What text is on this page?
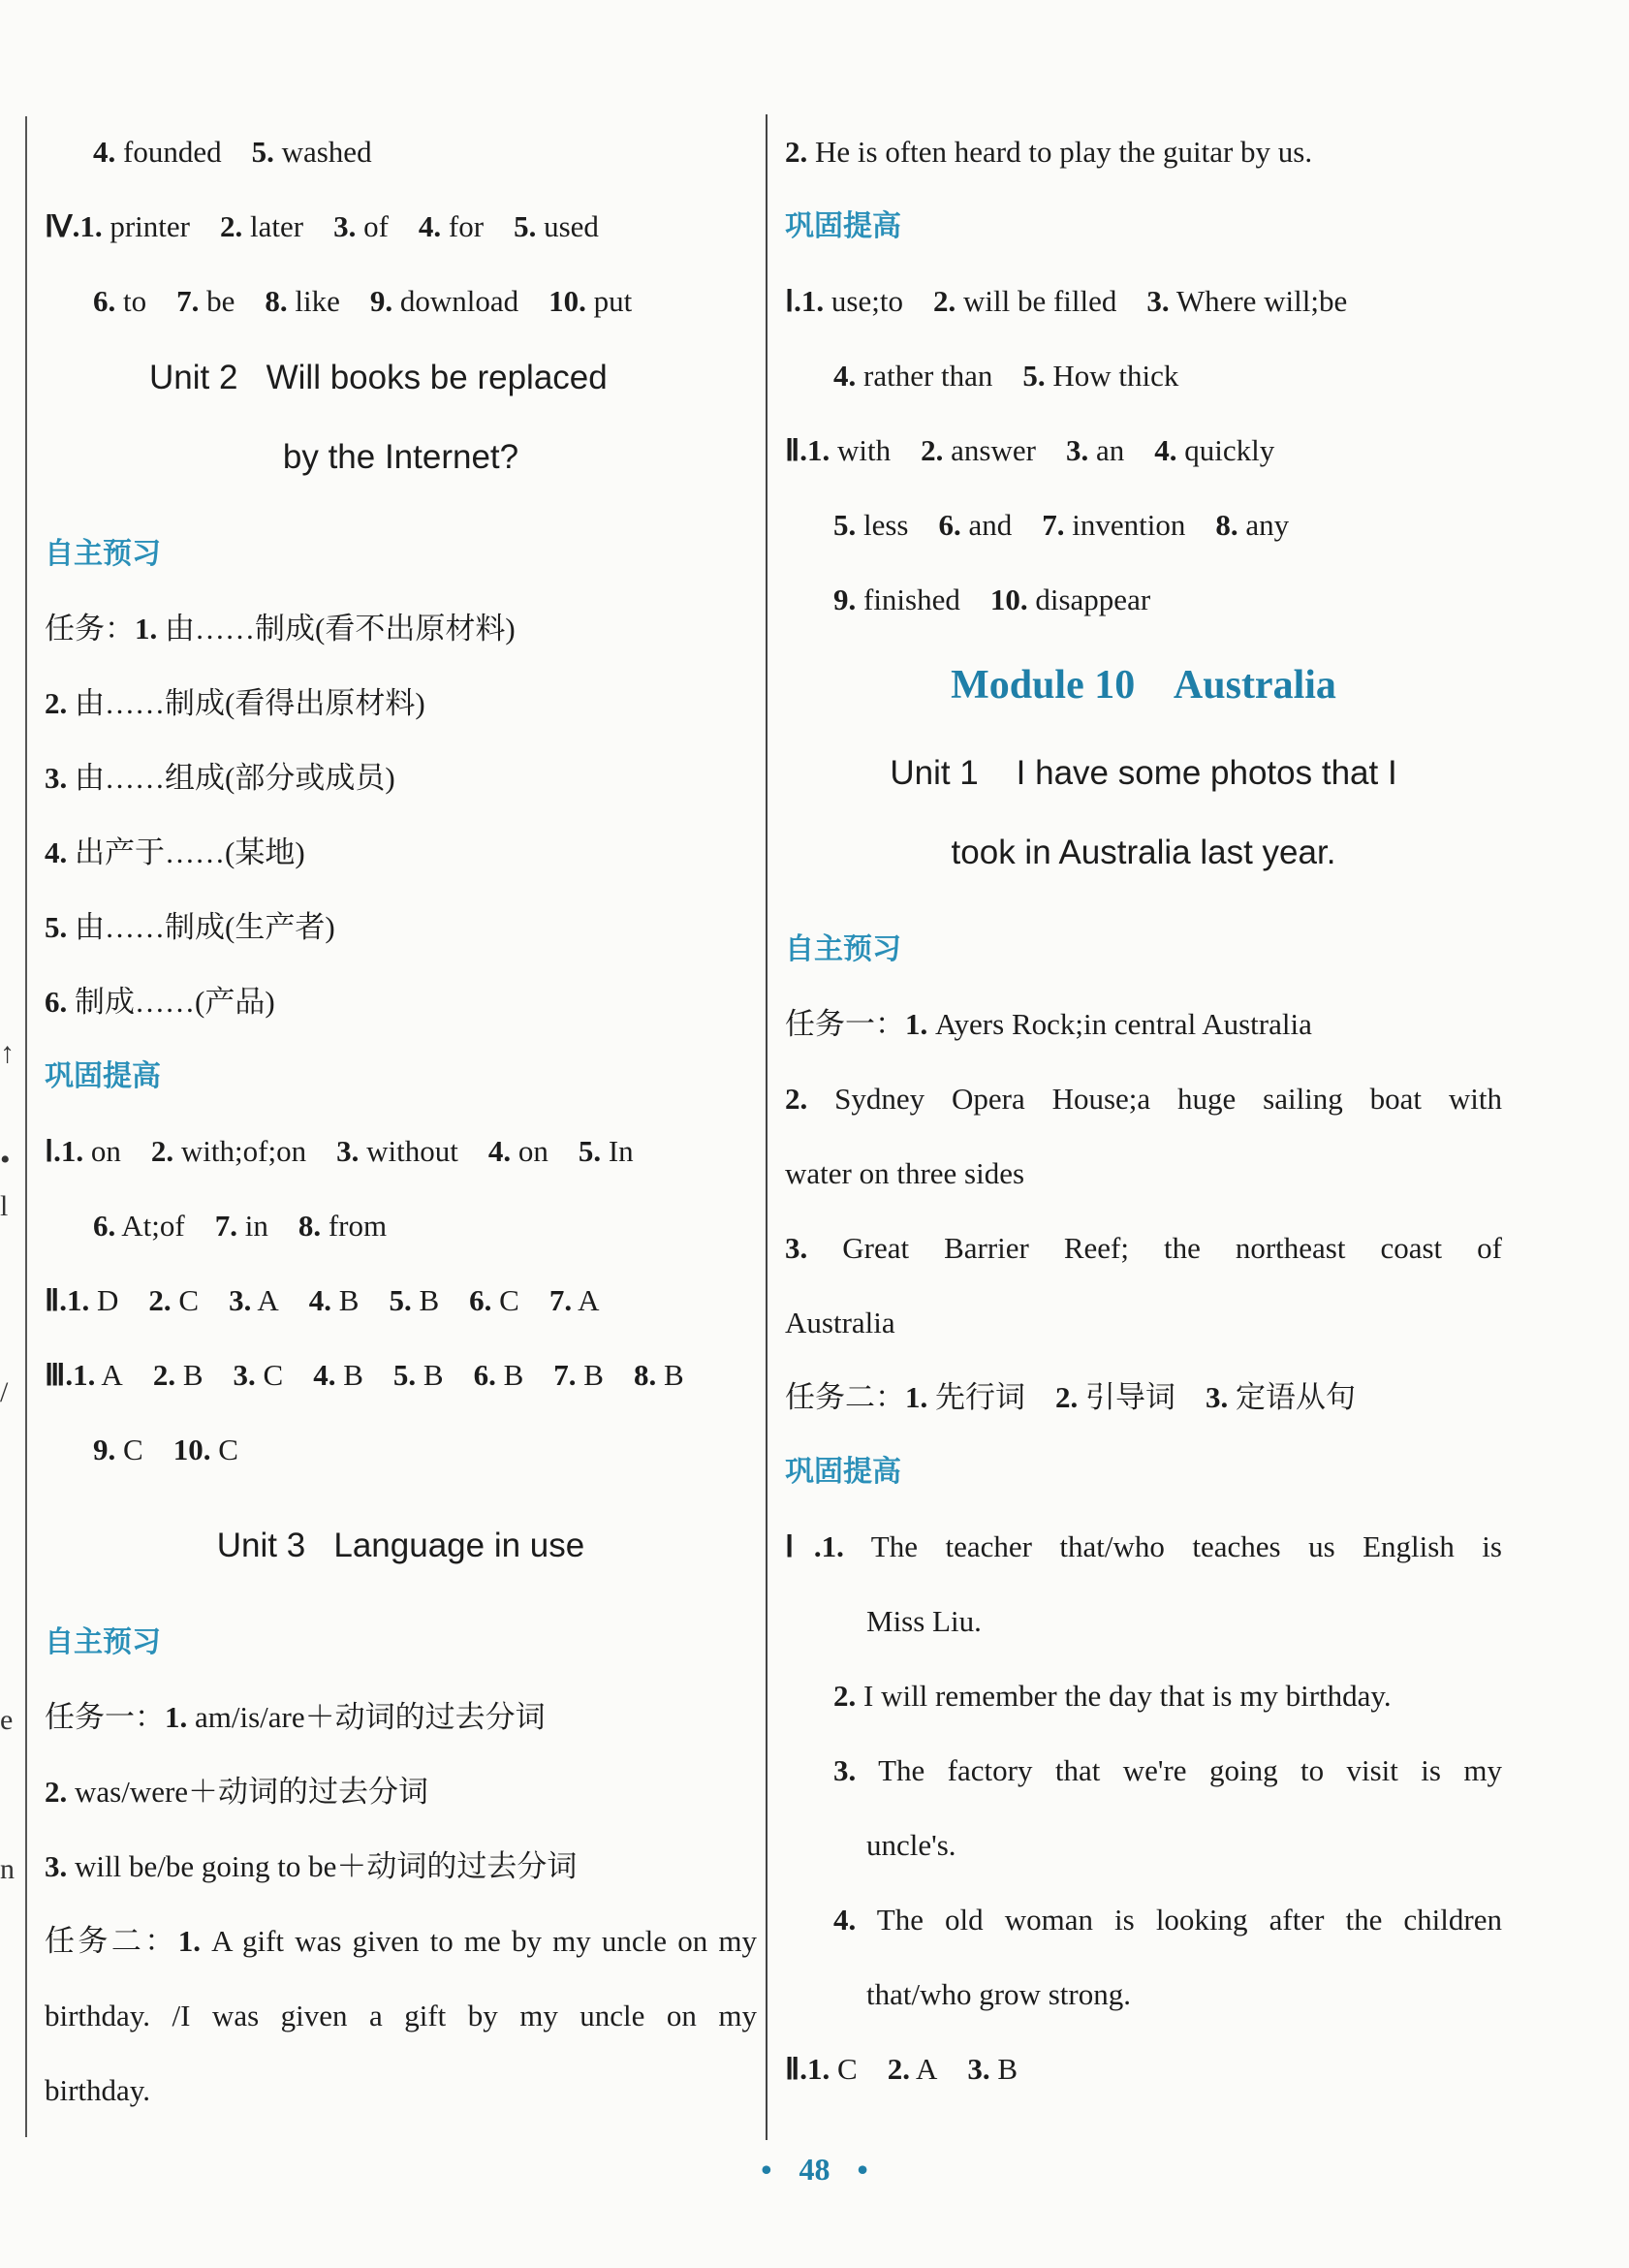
↑
•
l
/
e
n
4. founded 5. washed
Ⅳ.1. printer 2. later 3. of 4. for 5. used
6. to 7. be 8. like 9. download 10. put
Unit 2   Will books be replaced
by the Internet?
自主预习
任务：1. 由……制成(看不出原材料)
2. 由……制成(看得出原材料)
3. 由……组成(部分或成员)
4. 出产于……(某地)
5. 由……制成(生产者)
6. 制成……(产品)
巩固提高
Ⅰ.1. on 2. with;of;on 3. without 4. on 5. In
6. At;of 7. in 8. from
Ⅱ.1. D 2. C 3. A 4. B 5. B 6. C 7. A
Ⅲ.1. A 2. B 3. C 4. B 5. B 6. B 7. B 8. B
9. C 10. C
Unit 3   Language in use
自主预习
任务一：1. am/is/are＋动词的过去分词
2. was/were＋动词的过去分词
3. will be/be going to be＋动词的过去分词
任务二：1. A gift was given to me by my uncle on my
birthday. /I was given a gift by my uncle on my
birthday.
2. He is often heard to play the guitar by us.
巩固提高
Ⅰ.1. use;to 2. will be filled 3. Where will;be
4. rather than 5. How thick
Ⅱ.1. with 2. answer 3. an 4. quickly
5. less 6. and 7. invention 8. any
9. finished 10. disappear
Module 10    Australia
Unit 1    I have some photos that I
took in Australia last year.
自主预习
任务一：1. Ayers Rock;in central Australia
2. Sydney Opera House;a huge sailing boat with
water on three sides
3. Great Barrier Reef; the northeast coast of
Australia
任务二：1. 先行词 2. 引导词 3. 定语从句
巩固提高
Ⅰ.1. The teacher that/who teaches us English is
Miss Liu.
2. I will remember the day that is my birthday.
3. The factory that we're going to visit is my
uncle's.
4. The old woman is looking after the children
that/who grow strong.
Ⅱ.1. C 2. A 3. B
• 48 •
